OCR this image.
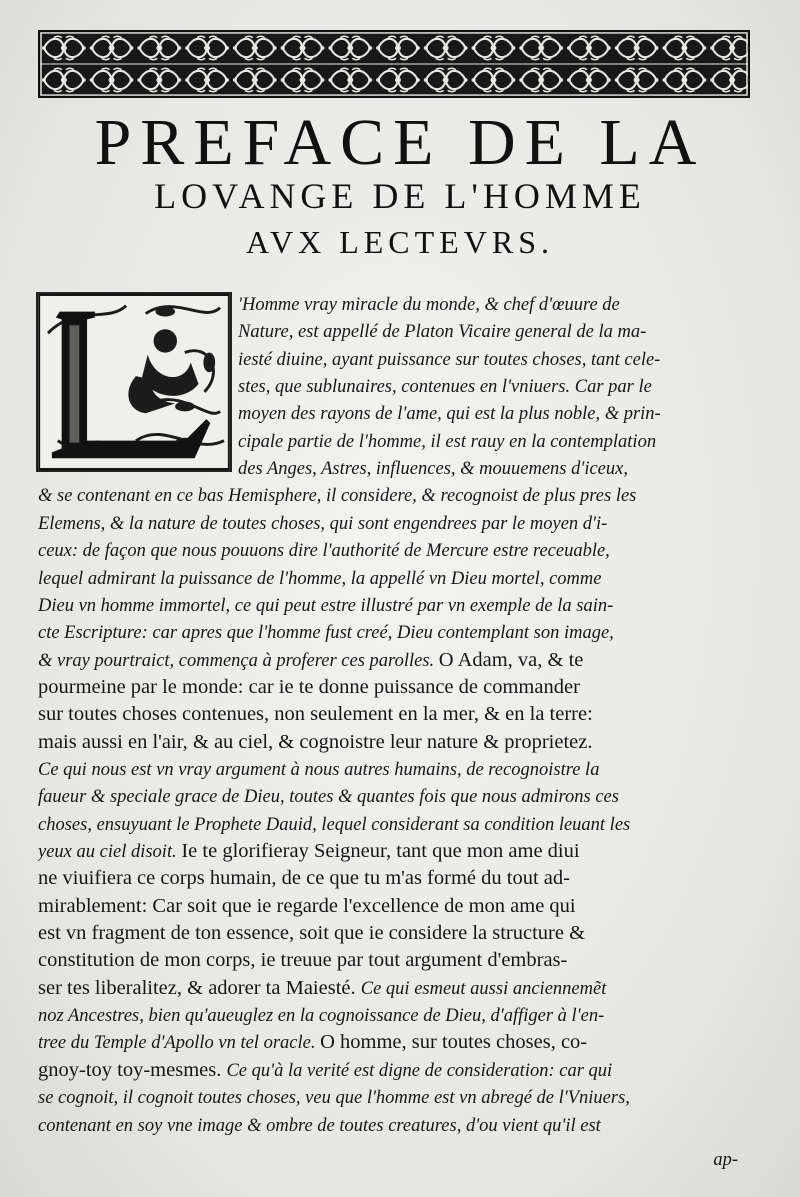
PREFACE DE LA
LOVANGE DE L'HOMME
AVX LECTEVRS.
'Homme vray miracle du monde, & chef d'œuure de
Nature, est appellé de Platon Vicaire general de la ma-
iesté diuine, ayant puissance sur toutes choses, tant cele-
stes, que sublunaires, contenues en l'vniuers. Car par le
moyen des rayons de l'ame, qui est la plus noble, & prin-
cipale partie de l'homme, il est rauy en la contemplation
des Anges, Astres, influences, & mouuemens d'iceux,
& se contenant en ce bas Hemisphere, il considere, & recognoist de plus pres les
Elemens, & la nature de toutes choses, qui sont engendrees par le moyen d'i-
ceux: de façon que nous pouuons dire l'authorité de Mercure estre receuable,
lequel admirant la puissance de l'homme, la appellé vn Dieu mortel, comme
Dieu vn homme immortel, ce qui peut estre illustré par vn exemple de la sain-
cte Escripture: car apres que l'homme fust creé, Dieu contemplant son image,
& vray pourtraict, commença à proferer ces parolles. O Adam, va, & te
pourmeine par le monde: car ie te donne puissance de commander
sur toutes choses contenues, non seulement en la mer, & en la terre:
mais aussi en l'air, & au ciel, & cognoistre leur nature & proprietez.
Ce qui nous est vn vray argument à nous autres humains, de recognoistre la
faueur & speciale grace de Dieu, toutes & quantes fois que nous admirons ces
choses, ensuyuant le Prophete Dauid, lequel considerant sa condition leuant les
yeux au ciel disoit. Ie te glorifieray Seigneur, tant que mon ame diui
ne viuifiera ce corps humain, de ce que tu m'as formé du tout ad-
mirablement: Car soit que ie regarde l'excellence de mon ame qui
est vn fragment de ton essence, soit que ie considere la structure &
constitution de mon corps, ie treuue par tout argument d'embras-
ser tes liberalitez, & adorer ta Maiesté. Ce qui esmeut aussi anciennemẽt
noz Ancestres, bien qu'aueuglez en la cognoissance de Dieu, d'affiger à l'en-
tree du Temple d'Apollo vn tel oracle. O homme, sur toutes choses, co-
gnoy-toy toy-mesmes. Ce qu'à la verité est digne de consideration: car qui
se cognoit, il cognoit toutes choses, veu que l'homme est vn abregé de l'Vniuers,
contenant en soy vne image & ombre de toutes creatures, d'ou vient qu'il est
ap-
